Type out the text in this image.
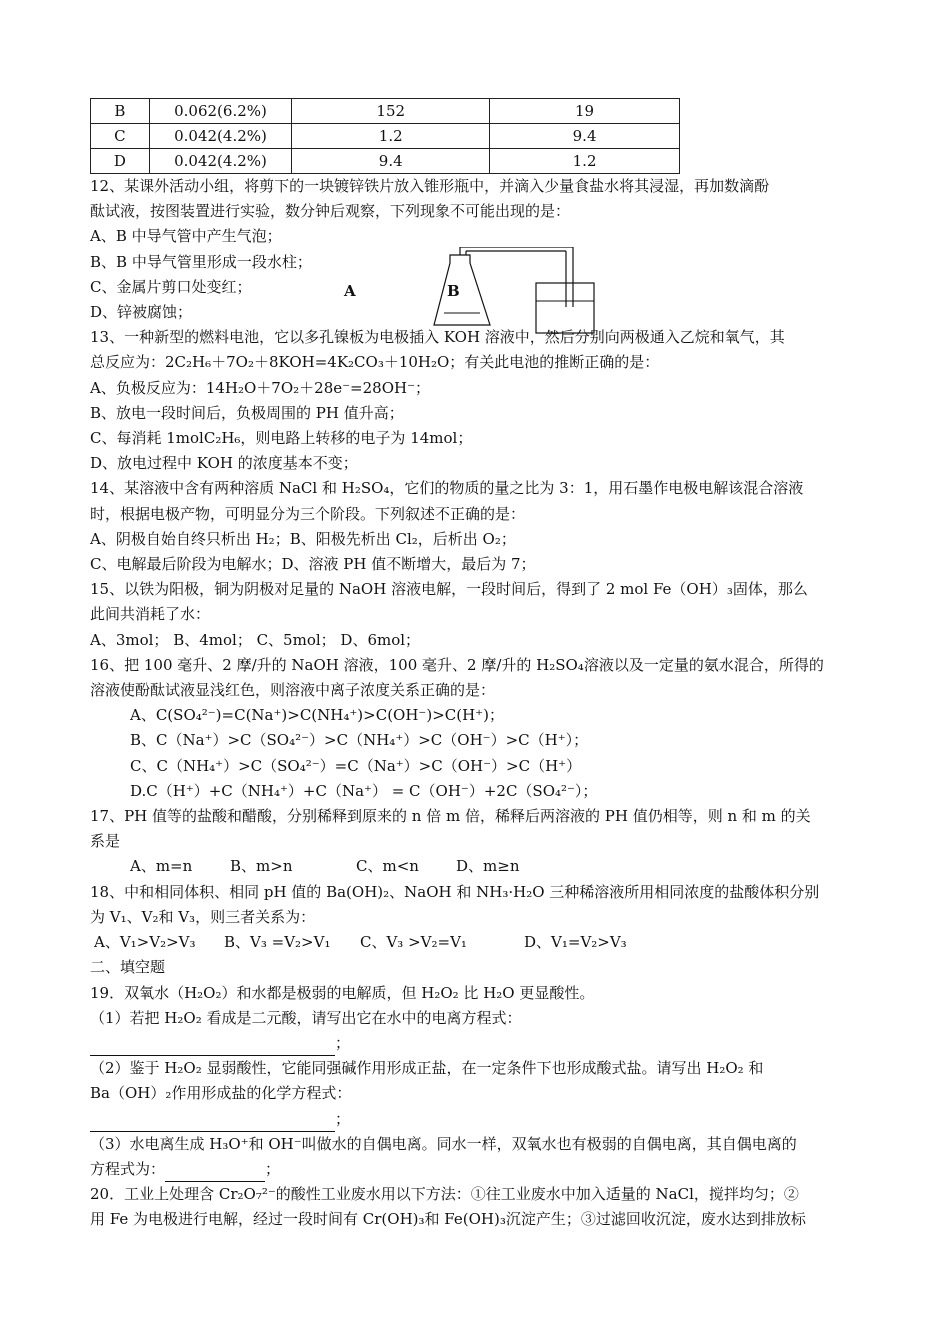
B	0.062(6.2%)	152	19
C	0.042(4.2%)	1.2	9.4
D	0.042(4.2%)	9.4	1.2

12、某课外活动小组，将剪下的一块镀锌铁片放入锥形瓶中，并滴入少量食盐水将其浸湿，再加数滴酚

酞试液，按图装置进行实验，数分钟后观察，下列现象不可能出现的是：

A、B 中导气管中产生气泡；

B、B 中导气管里形成一段水柱；

C、金属片剪口处变红；

D、锌被腐蚀；

13、一种新型的燃料电池，它以多孔镍板为电极插入 KOH 溶液中，然后分别向两极通入乙烷和氧气，其

总反应为：2C₂H₆＋7O₂＋8KOH=4K₂CO₃＋10H₂O；有关此电池的推断正确的是：

A、负极反应为：14H₂O＋7O₂＋28e⁻=28OH⁻；

B、放电一段时间后，负极周围的 PH 值升高；

C、每消耗 1molC₂H₆，则电路上转移的电子为 14mol；

D、放电过程中 KOH 的浓度基本不变；

14、某溶液中含有两种溶质 NaCl 和 H₂SO₄，它们的物质的量之比为 3：1，用石墨作电极电解该混合溶液

时，根据电极产物，可明显分为三个阶段。下列叙述不正确的是：

A、阴极自始自终只析出 H₂；B、阳极先析出 Cl₂，后析出 O₂；

C、电解最后阶段为电解水；D、溶液 PH 值不断增大，最后为 7；

15、以铁为阳极，铜为阴极对足量的 NaOH 溶液电解，一段时间后，得到了 2 mol Fe（OH）₃固体，那么

此间共消耗了水：

A、3mol； B、4mol； C、5mol； D、6mol；

16、把 100 毫升、2 摩/升的 NaOH 溶液，100 毫升、2 摩/升的 H₂SO₄溶液以及一定量的氨水混合，所得的

溶液使酚酞试液显浅红色，则溶液中离子浓度关系正确的是：

A、C(SO₄²⁻)=C(Na⁺)>C(NH₄⁺)>C(OH⁻)>C(H⁺)；

B、C（Na⁺）>C（SO₄²⁻）>C（NH₄⁺）>C（OH⁻）>C（H⁺）；

C、C（NH₄⁺）>C（SO₄²⁻）=C（Na⁺）>C（OH⁻）>C（H⁺）

D.C（H⁺）+C（NH₄⁺）+C（Na⁺） = C（OH⁻）+2C（SO₄²⁻）；

17、PH 值等的盐酸和醋酸，分别稀释到原来的 n 倍 m 倍，稀释后两溶液的 PH 值仍相等，则 n 和 m 的关

系是

A、m=n	B、m>n	C、m<n	D、m≥n

18、中和相同体积、相同 pH 值的 Ba(OH)₂、NaOH 和 NH₃·H₂O 三种稀溶液所用相同浓度的盐酸体积分别

为 V₁、V₂和 V₃，则三者关系为：

A、V₁>V₂>V₃	B、V₃ =V₂>V₁	C、V₃ >V₂=V₁	D、V₁=V₂>V₃

二、填空题

19．双氧水（H₂O₂）和水都是极弱的电解质，但 H₂O₂ 比 H₂O 更显酸性。

（1）若把 H₂O₂ 看成是二元酸，请写出它在水中的电离方程式：

；

（2）鉴于 H₂O₂ 显弱酸性，它能同强碱作用形成正盐，在一定条件下也形成酸式盐。请写出 H₂O₂ 和

Ba（OH）₂作用形成盐的化学方程式：

；

（3）水电离生成 H₃O⁺和 OH⁻叫做水的自偶电离。同水一样，双氧水也有极弱的自偶电离，其自偶电离的

方程式为：	；

20．工业上处理含 Cr₂O₇²⁻的酸性工业废水用以下方法：①往工业废水中加入适量的 NaCl，搅拌均匀；②

用 Fe 为电极进行电解，经过一段时间有 Cr(OH)₃和 Fe(OH)₃沉淀产生；③过滤回收沉淀，废水达到排放标

A	B
